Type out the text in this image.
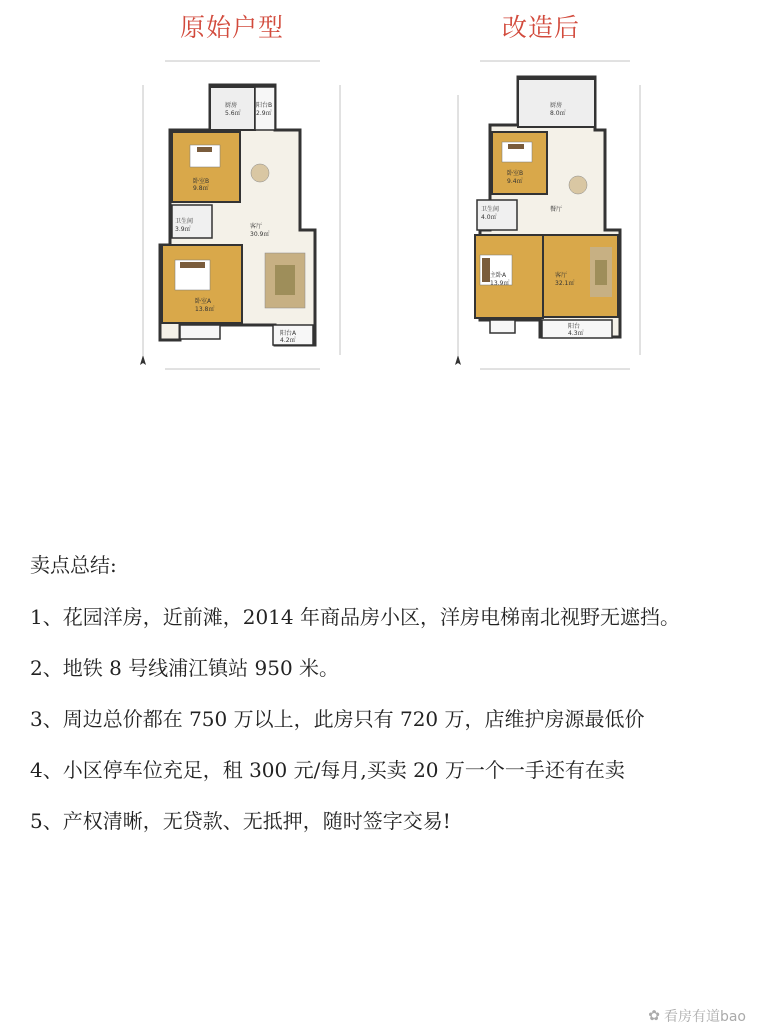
原始户型	改造后
厨房
5.6㎡
阳台B
2.9㎡
卧室B
9.8㎡
卫生间
3.9㎡	客厅
30.9㎡
卧室A
13.8㎡
阳台A
4.2㎡
厨房
8.0㎡
卧室B
9.4㎡
卫生间
4.0㎡
餐厅
主卧A
13.9㎡
客厅
32.1㎡
阳台
4.3㎡

卖点总结:

1、花园洋房，近前滩，2014 年商品房小区，洋房电梯南北视野无遮挡。

2、地铁 8 号线浦江镇站 950 米。

3、周边总价都在 750 万以上，此房只有 720 万，店维护房源最低价

4、小区停车位充足，租 300 元/每月,买卖 20 万一个一手还有在卖

5、产权清晰，无贷款、无抵押，随时签字交易!

✿ 看房有道bao
